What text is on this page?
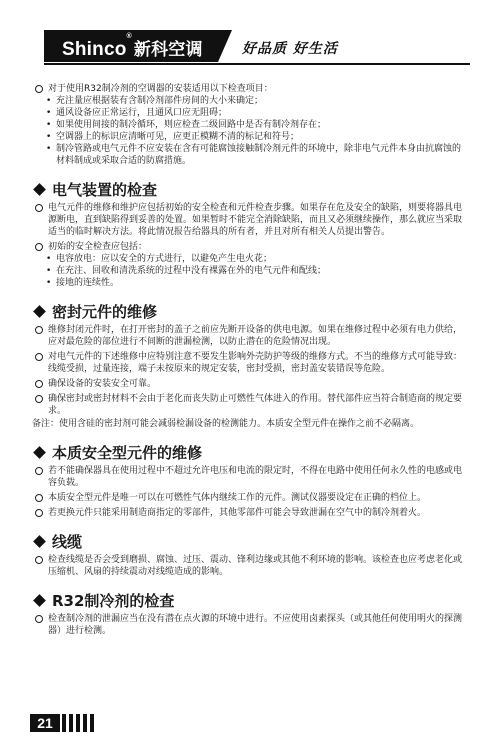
Shinco®新科空调	好品质 好生活
对于使用R32制冷剂的空调器的安装适用以下检查项目：
• 充注量应根据装有含制冷剂部件房间的大小来确定；
• 通风设备应正常运行，且通风口应无阻碍；
• 如果使用间接的制冷循环，则应检查二级回路中是否有制冷剂存在；
• 空调器上的标识应清晰可见，应更正模糊不清的标记和符号；
• 制冷管路或电气元件不应安装在含有可能腐蚀接触制冷剂元件的环境中，除非电气元件本身由抗腐蚀的材料制成或采取合适的防腐措施。
电气装置的检查
电气元件的维修和维护应包括初始的安全检查和元件检查步骤。如果存在危及安全的缺陷，则要将器具电源断电，直到缺陷得到妥善的处置。如果暂时不能完全消除缺陷，而且又必须继续操作，那么就应当采取适当的临时解决方法。将此情况报告给器具的所有者，并且对所有相关人员提出警告。
初始的安全检查应包括：
• 电容放电：应以安全的方式进行，以避免产生电火花；
• 在充注、回收和清洗系统的过程中没有裸露在外的电气元件和配线；
• 接地的连续性。
密封元件的维修
维修封闭元件时，在打开密封的盖子之前应先断开设备的供电电源。如果在维修过程中必须有电力供给，应对最危险的部位进行不间断的泄漏检测，以防止潜在的危险情况出现。
对电气元件的下述维修中应特别注意不要发生影响外壳防护等级的维修方式。不当的维修方式可能导致：线缆受损，过量连接，端子未按原来的规定安装，密封受损，密封盖安装错误等危险。
确保设备的安装安全可靠。
确保密封或密封材料不会由于老化而丧失防止可燃性气体进入的作用。替代部件应当符合制造商的规定要求。
备注：使用含硅的密封剂可能会减弱检漏设备的检测能力。本质安全型元件在操作之前不必隔离。
本质安全型元件的维修
若不能确保器具在使用过程中不超过允许电压和电流的限定时，不得在电路中使用任何永久性的电感或电容负载。
本质安全型元件是唯一可以在可燃性气体内继续工作的元件。测试仪器要设定在正确的档位上。
若更换元件只能采用制造商指定的零部件，其他零部件可能会导致泄漏在空气中的制冷剂着火。
线缆
检查线缆是否会受到磨损、腐蚀、过压、震动、锋利边缘或其他不利环境的影响。该检查也应考虑老化或压缩机、风扇的持续震动对线缆造成的影响。
R32制冷剂的检查
检查制冷剂的泄漏应当在没有潜在点火源的环境中进行。不应使用卤素探头（或其他任何使用明火的探测器）进行检测。
21
